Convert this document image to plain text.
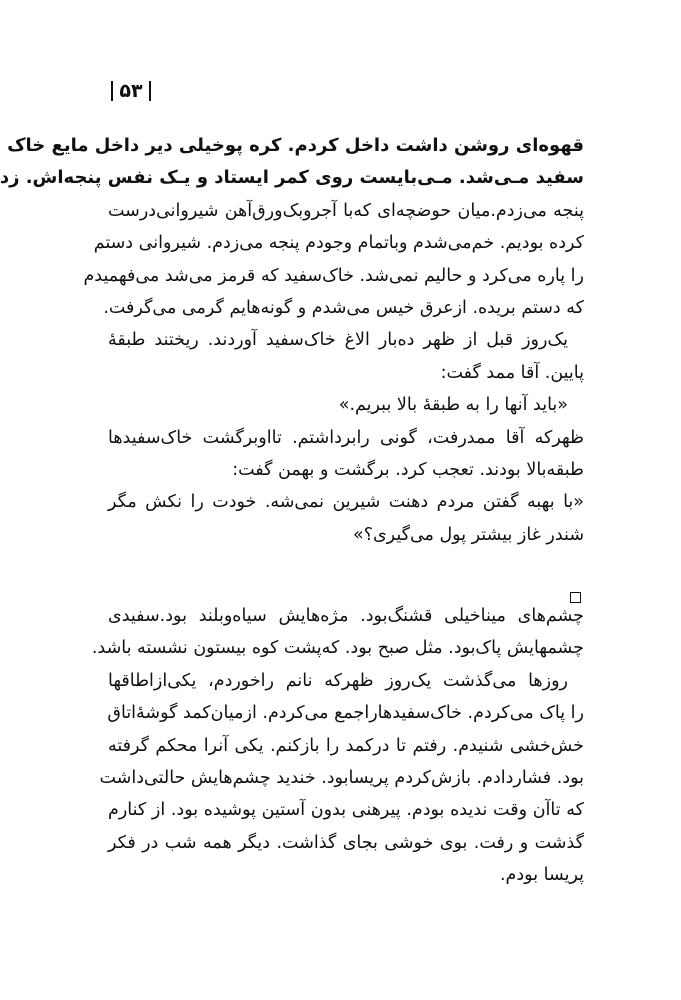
۵۳
قهوه‌ای روشن داشت داخل کردم. کره پوخیلی دیر داخل مایع خاک
سفید مـی‌شد. مـی‌بایست روی کمر ایستاد و یـک نفس پنجه‌اش. زد
پنجه می‌زدم.میان حوضچه‌ای که‌با آجروبک‌ورق‌آهن شیروانی‌درست
کرده بودیم. خم‌می‌شدم وباتمام وجودم پنجه می‌زدم. شیروانی دستم
را پاره می‌کرد و حالیم نمی‌شد. خاک‌سفید که قرمز می‌شد می‌فهمیدم
که دستم بریده. ازعرق خیس می‌شدم و گونه‌هایم گرمی می‌گرفت.
یک‌روز قبل از ظهر ده‌بار الاغ خاک‌سفید آوردند. ریختند طبقهٔ
پایین. آقا ممد گفت:
«باید آنها را به طبقهٔ بالا ببریم.»
ظهرکه آقا ممدرفت، گونی رابرداشتم. تااوبرگشت خاک‌سفیدها
طبقه‌بالا بودند. تعجب کرد. برگشت و بهمن گفت:
«با بهبه گفتن مردم دهنت شیرین نمی‌شه. خودت را نکش مگر
شندر غاز بیشتر پول می‌گیری؟»
چشم‌های میناخیلی قشنگ‌بود. مژه‌هایش سیاه‌وبلند بود.سفیدی
چشمهایش پاک‌بود. مثل صبح بود. که‌پشت کوه بیستون نشسته باشد.
روزها می‌گذشت یک‌روز ظهرکه نانم راخوردم، یکی‌ازاطاقها
را پاک می‌کردم. خاک‌سفیدهاراجمع می‌کردم. ازمیان‌کمد گوشهٔ‌اتاق
خش‌خشی شنیدم. رفتم تا درکمد را بازکنم. یکی آنرا محکم گرفته
بود. فشاردادم. بازش‌کردم پریسابود. خندید چشم‌هایش حالتی‌داشت
که تاآن وقت ندیده بودم. پیرهنی بدون آستین پوشیده بود. از کنارم
گذشت و رفت. بوی خوشی بجای گذاشت. دیگر همه شب در فکر
پریسا بودم.
